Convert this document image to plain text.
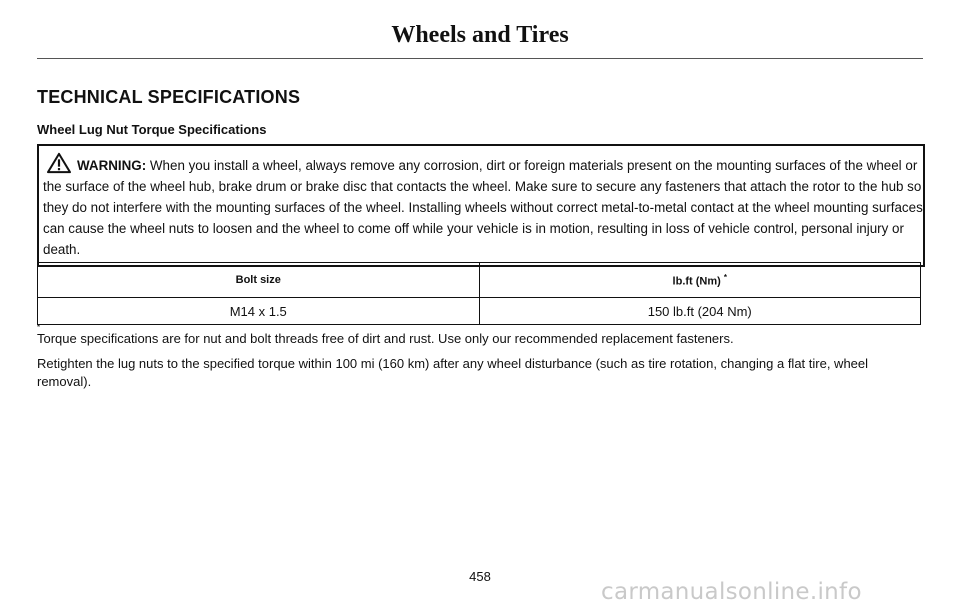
Wheels and Tires
TECHNICAL SPECIFICATIONS
Wheel Lug Nut Torque Specifications
WARNING: When you install a wheel, always remove any corrosion, dirt or foreign materials present on the mounting surfaces of the wheel or the surface of the wheel hub, brake drum or brake disc that contacts the wheel. Make sure to secure any fasteners that attach the rotor to the hub so they do not interfere with the mounting surfaces of the wheel. Installing wheels without correct metal-to-metal contact at the wheel mounting surfaces can cause the wheel nuts to loosen and the wheel to come off while your vehicle is in motion, resulting in loss of vehicle control, personal injury or death.
Bolt size	lb.ft (Nm) *
M14 x 1.5	150 lb.ft (204 Nm)
*
Torque specifications are for nut and bolt threads free of dirt and rust. Use only our recommended replacement fasteners.
Retighten the lug nuts to the specified torque within 100 mi (160 km) after any wheel disturbance (such as tire rotation, changing a flat tire, wheel removal).
458
carmanualsonline.info
